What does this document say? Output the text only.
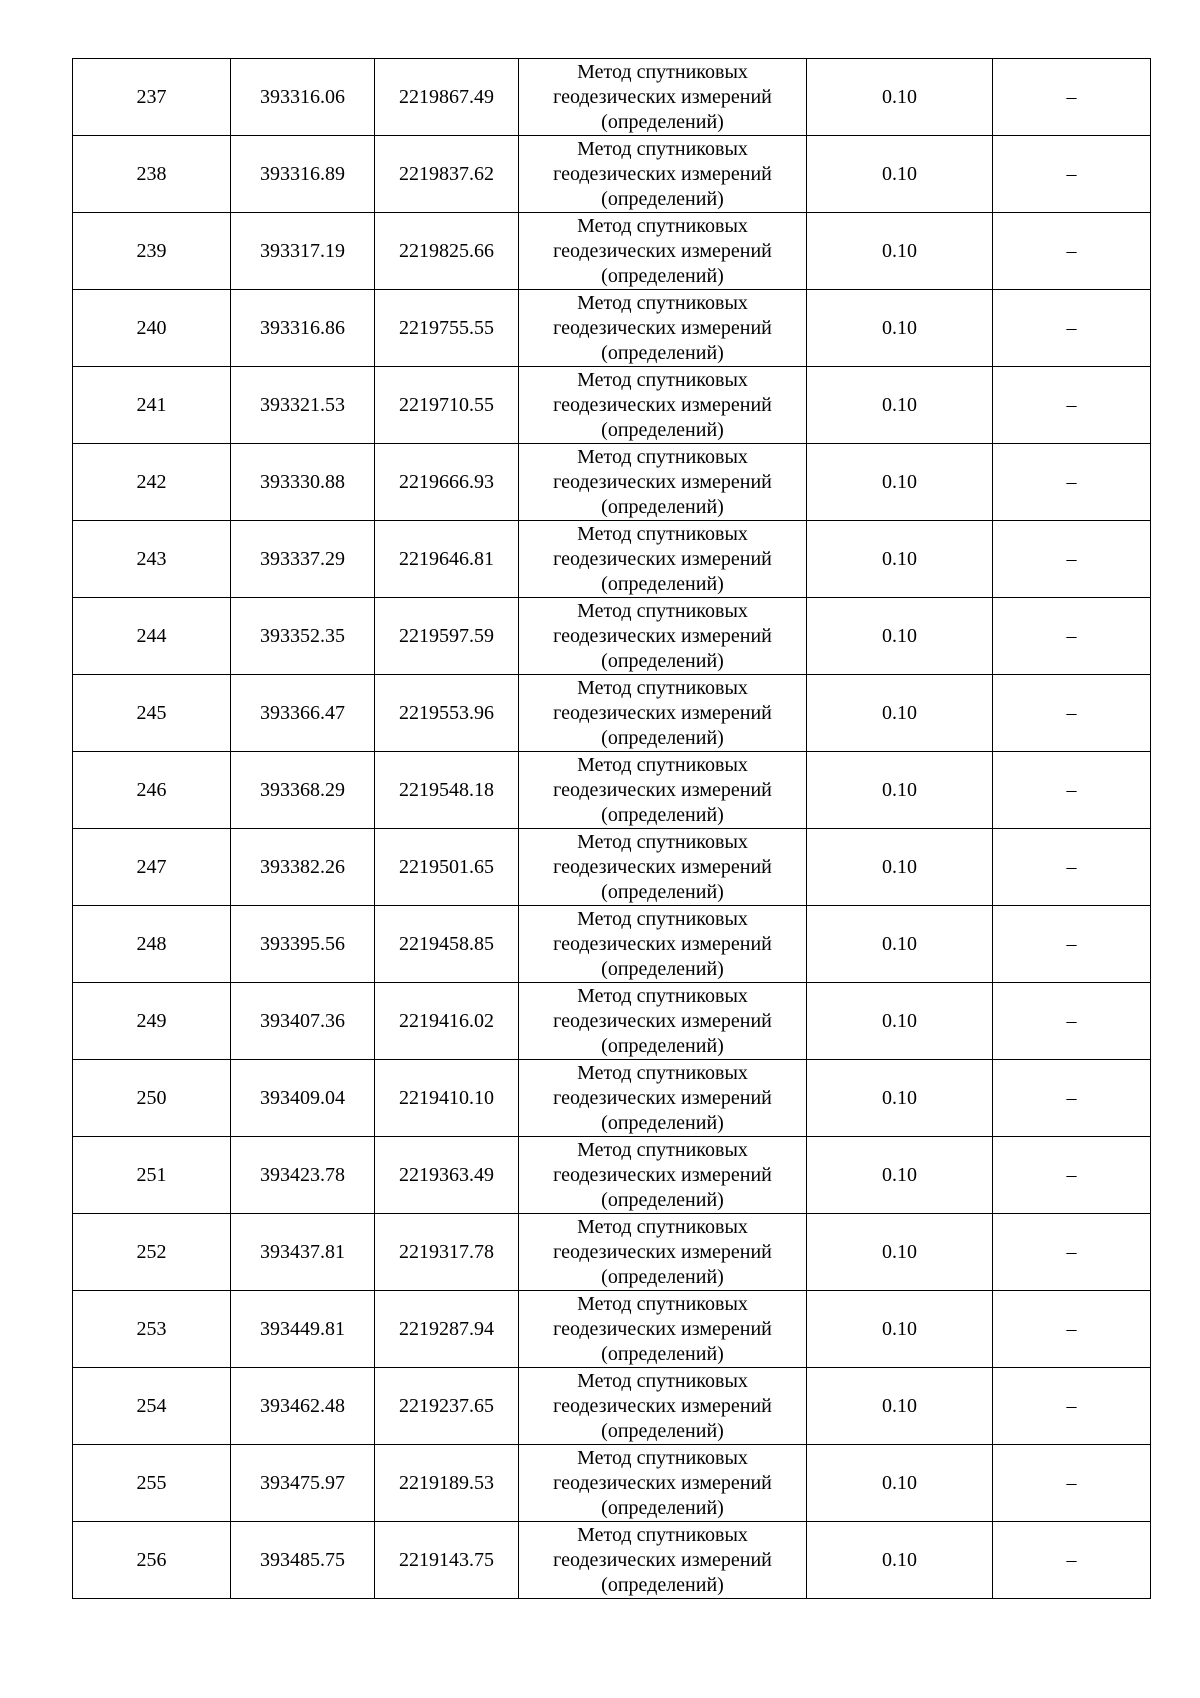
237	393316.06	2219867.49	Метод спутниковых
геодезических измерений
(определений)	0.10	–
238	393316.89	2219837.62	Метод спутниковых
геодезических измерений
(определений)	0.10	–
239	393317.19	2219825.66	Метод спутниковых
геодезических измерений
(определений)	0.10	–
240	393316.86	2219755.55	Метод спутниковых
геодезических измерений
(определений)	0.10	–
241	393321.53	2219710.55	Метод спутниковых
геодезических измерений
(определений)	0.10	–
242	393330.88	2219666.93	Метод спутниковых
геодезических измерений
(определений)	0.10	–
243	393337.29	2219646.81	Метод спутниковых
геодезических измерений
(определений)	0.10	–
244	393352.35	2219597.59	Метод спутниковых
геодезических измерений
(определений)	0.10	–
245	393366.47	2219553.96	Метод спутниковых
геодезических измерений
(определений)	0.10	–
246	393368.29	2219548.18	Метод спутниковых
геодезических измерений
(определений)	0.10	–
247	393382.26	2219501.65	Метод спутниковых
геодезических измерений
(определений)	0.10	–
248	393395.56	2219458.85	Метод спутниковых
геодезических измерений
(определений)	0.10	–
249	393407.36	2219416.02	Метод спутниковых
геодезических измерений
(определений)	0.10	–
250	393409.04	2219410.10	Метод спутниковых
геодезических измерений
(определений)	0.10	–
251	393423.78	2219363.49	Метод спутниковых
геодезических измерений
(определений)	0.10	–
252	393437.81	2219317.78	Метод спутниковых
геодезических измерений
(определений)	0.10	–
253	393449.81	2219287.94	Метод спутниковых
геодезических измерений
(определений)	0.10	–
254	393462.48	2219237.65	Метод спутниковых
геодезических измерений
(определений)	0.10	–
255	393475.97	2219189.53	Метод спутниковых
геодезических измерений
(определений)	0.10	–
256	393485.75	2219143.75	Метод спутниковых
геодезических измерений
(определений)	0.10	–
